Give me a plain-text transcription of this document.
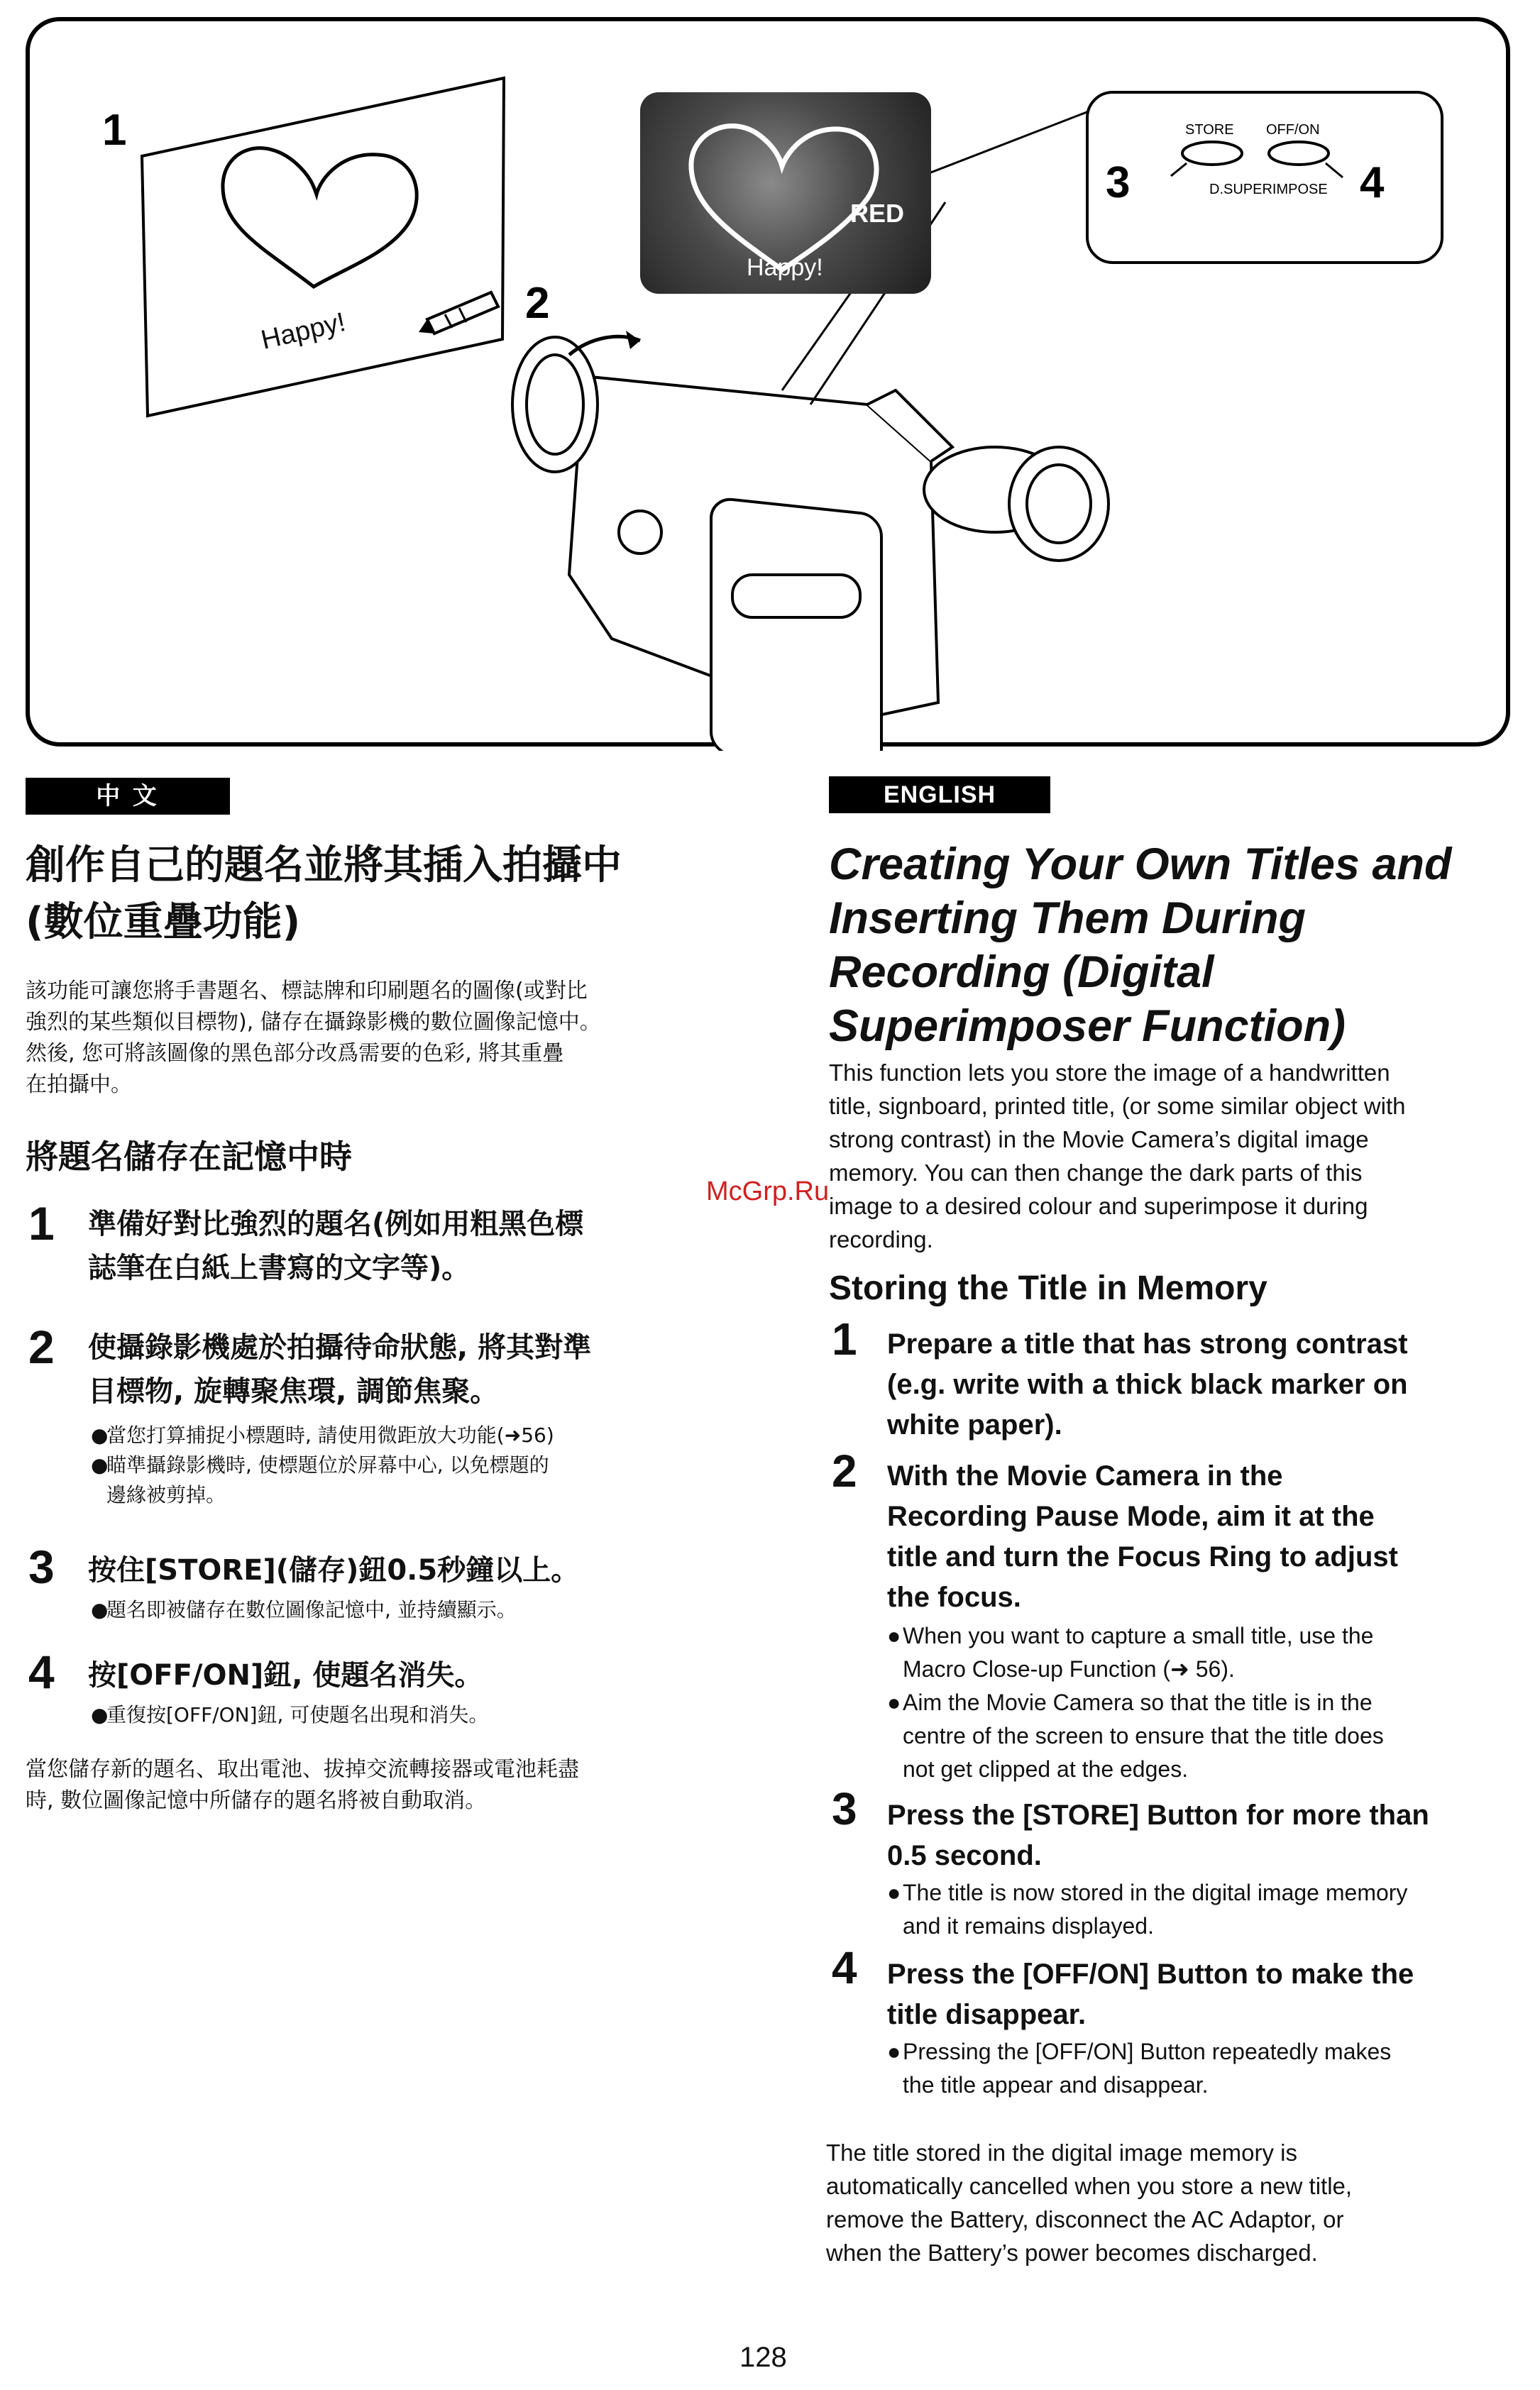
1
2
3	4
Happy!
RED
Happy!
STORE OFF/ON
D.SUPERIMPOSE
中 文
創作自己的題名並將其插入拍攝中
(數位重疊功能)
該功能可讓您將手書題名、標誌牌和印刷題名的圖像(或對比
強烈的某些類似目標物), 儲存在攝錄影機的數位圖像記憶中。
然後, 您可將該圖像的黑色部分改爲需要的色彩, 將其重疊
在拍攝中。
將題名儲存在記憶中時
1 準備好對比強烈的題名(例如用粗黑色標
誌筆在白紙上書寫的文字等)。
2 使攝錄影機處於拍攝待命狀態, 將其對準
目標物, 旋轉聚焦環, 調節焦聚。
●
當您打算捕捉小標題時, 請使用微距放大功能(➜56)
●
瞄準攝錄影機時, 使標題位於屏幕中心, 以免標題的
邊緣被剪掉。
3 按住[STORE](儲存)鈕0.5秒鐘以上。
●
題名即被儲存在數位圖像記憶中, 並持續顯示。
4 按[OFF/ON]鈕, 使題名消失。
●
重復按[OFF/ON]鈕, 可使題名出現和消失。
當您儲存新的題名、取出電池、拔掉交流轉接器或電池耗盡
時, 數位圖像記憶中所儲存的題名將被自動取消。
ENGLISH
Creating Your Own Titles and
Inserting Them During
Recording (Digital
Superimposer Function)
This function lets you store the image of a handwritten
title, signboard, printed title, (or some similar object with
strong contrast) in the Movie Camera’s digital image
memory. You can then change the dark parts of this
image to a desired colour and superimpose it during
recording.
Storing the Title in Memory
1 Prepare a title that has strong contrast
(e.g. write with a thick black marker on
white paper).
2 With the Movie Camera in the
Recording Pause Mode, aim it at the
title and turn the Focus Ring to adjust
the focus.
● When you want to capture a small title, use the
Macro Close-up Function (➜ 56).
● Aim the Movie Camera so that the title is in the
centre of the screen to ensure that the title does
not get clipped at the edges.
3 Press the [STORE] Button for more than
0.5 second.
● The title is now stored in the digital image memory
and it remains displayed.
4 Press the [OFF/ON] Button to make the
title disappear.
● Pressing the [OFF/ON] Button repeatedly makes
the title appear and disappear.
The title stored in the digital image memory is
automatically cancelled when you store a new title,
remove the Battery, disconnect the AC Adaptor, or
when the Battery’s power becomes discharged.
McGrp.Ru
128
